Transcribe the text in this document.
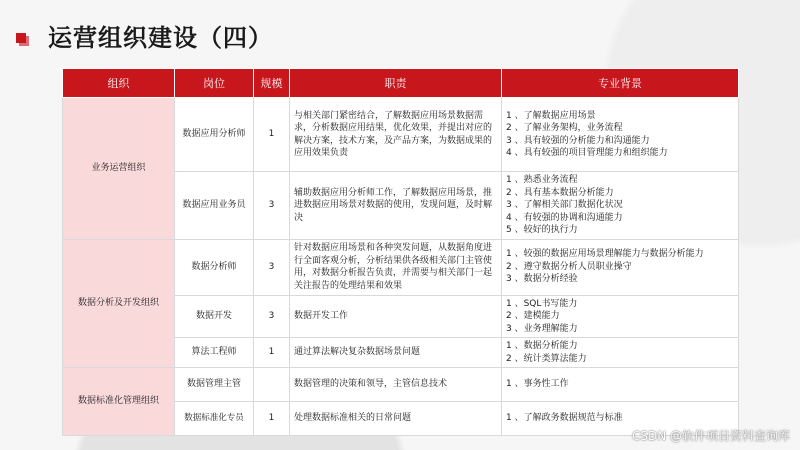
运营组织建设（四）
组织	岗位	规模	职责	专业背景
业务运营组织	数据应用分析师	1	与相关部门紧密结合，了解数据应用场景数据需求，分析数据应用结果，优化效果，并提出对应的解决方案，技术方案，及产品方案，为数据成果的应用效果负责	1 、了解数据应用场景
2 、了解业务架构，业务流程
3 、具有较强的分析能力和沟通能力
4 、具有较强的项目管理能力和组织能力

	数据应用业务员	3	辅助数据应用分析师工作，了解数据应用场景，推进数据应用场景对数据的使用，发现问题，及时解决	1 、熟悉业务流程
2 、具有基本数据分析能力
3 、了解相关部门数据化状况
4 、有较强的协调和沟通能力
5 、较好的执行力

数据分析及开发组织	数据分析师	3	针对数据应用场景和各种突发问题，从数据角度进行全面客观分析，分析结果供各级相关部门主管使用，对数据分析报告负责，并需要与相关部门一起关注报告的处理结果和效果	1 、较强的数据应用场景理解能力与数据分析能力
2 、遵守数据分析人员职业操守
3 、数据分析经验

	数据开发	3	数据开发工作	1 、SQL书写能力
2 、建模能力
3 、业务理解能力

	算法工程师	1	通过算法解决复杂数据场景问题	1 、数据分析能力
2 、统计类算法能力

数据标准化管理组织	数据管理主管		数据管理的决策和领导，主管信息技术	1 、事务性工作

	数据标准化专员	1	处理数据标准相关的日常问题	1 、了解政务数据规范与标准
CSDN @软件项目资料查询库
